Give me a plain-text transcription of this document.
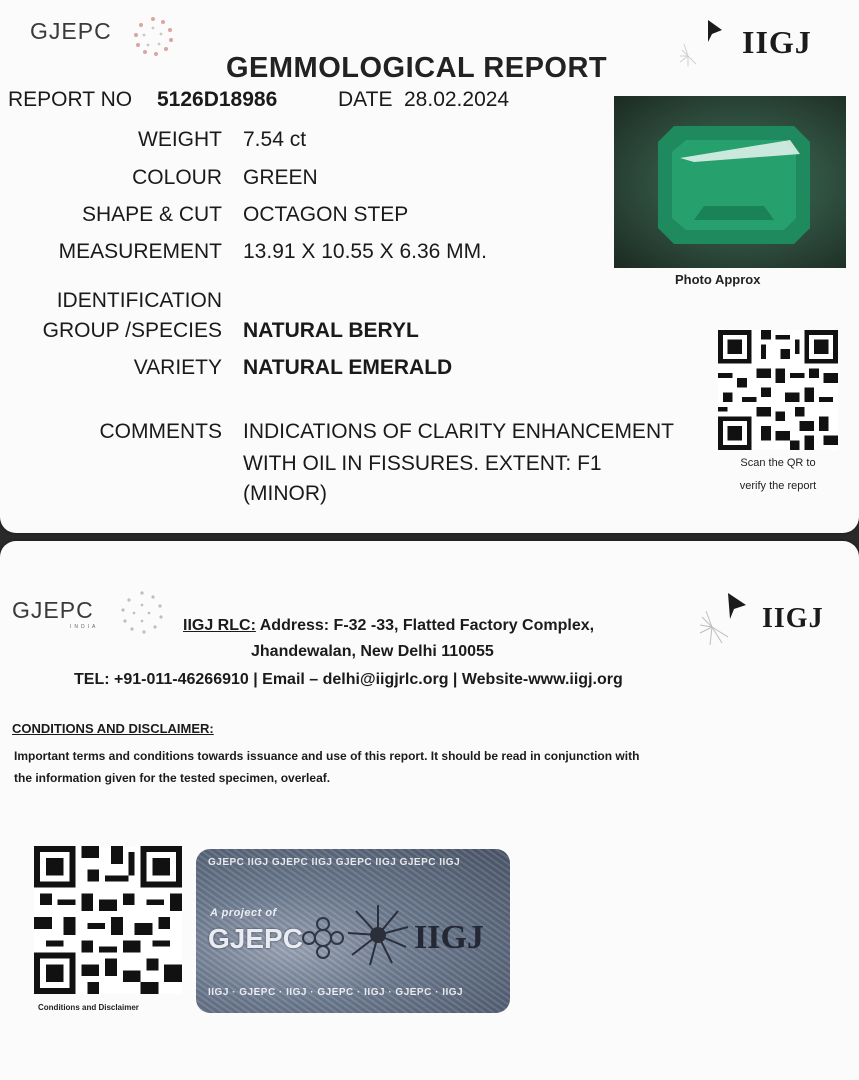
GJEPC	IIGJ
GEMMOLOGICAL REPORT
REPORT NO 5126D18986	DATE 28.02.2024
WEIGHT 7.54 ct
COLOUR GREEN
SHAPE & CUT OCTAGON STEP
MEASUREMENT 13.91 X 10.55 X 6.36 MM.
IDENTIFICATION
GROUP /SPECIES NATURAL BERYL
VARIETY NATURAL EMERALD
COMMENTS INDICATIONS OF CLARITY ENHANCEMENT
WITH OIL IN FISSURES. EXTENT: F1
(MINOR)
Photo Approx
Scan the QR to
verify the report
GJEPC
INDIA	IIGJ
IIGJ RLC: Address: F-32 -33, Flatted Factory Complex,
Jhandewalan, New Delhi 110055
TEL: +91-011-46266910 | Email – delhi@iigjrlc.org | Website-www.iigj.org
CONDITIONS AND DISCLAIMER:
Important terms and conditions towards issuance and use of this report. It should be read in conjunction with
the information given for the tested specimen, overleaf.
Conditions and Disclaimer
GJEPC IIGJ GJEPC IIGJ GJEPC IIGJ GJEPC IIGJ
A project of
GJEPC	IIGJ
IIGJ · GJEPC · IIGJ · GJEPC · IIGJ · GJEPC · IIGJ
